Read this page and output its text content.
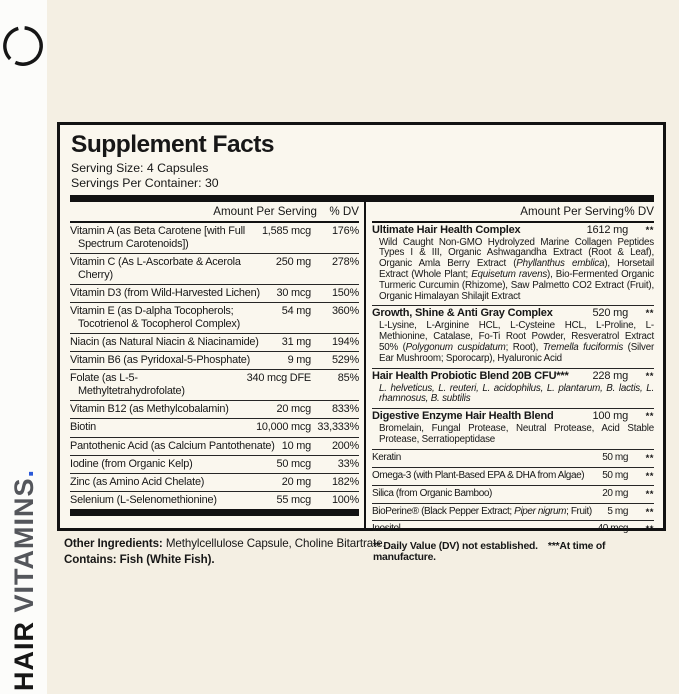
HAIR VITAMINS.
Supplement Facts
Serving Size: 4 Capsules
Servings Per Container: 30
Amount Per Serving	% DV
Vitamin A (as Beta Carotene [with Full Spectrum Carotenoids])
1,585 mcg	176%
Vitamin C (As L-Ascorbate & Acerola Cherry)
250 mg	278%
Vitamin D3 (from Wild-Harvested Lichen)	30 mcg	150%
Vitamin E (as D-alpha Tocopherols; Tocotrienol & Tocopherol Complex)
54 mg	360%
Niacin (as Natural Niacin & Niacinamide)	31 mg	194%
Vitamin B6 (as Pyridoxal-5-Phosphate)	9 mg	529%
Folate (as L-5-Methyltetrahydrofolate)
340 mcg DFE	85%
Vitamin B12 (as Methylcobalamin)	20 mcg	833%
Biotin	10,000 mcg 33,333%
Pantothenic Acid (as Calcium Pantothenate) 10 mg	200%
Iodine (from Organic Kelp)	50 mcg	33%
Zinc (as Amino Acid Chelate)	20 mg	182%
Selenium (L-Selenomethionine)	55 mcg	100%
Amount Per Serving % DV
Ultimate Hair Health Complex	1612 mg	**
Wild Caught Non-GMO Hydrolyzed Marine Collagen Peptides Types I & III, Organic Ashwagandha Extract (Root & Leaf), Organic Amla Berry Extract (Phyllanthus emblica), Horsetail Extract (Whole Plant; Equisetum ravens), Bio-Fermented Organic Turmeric Curcumin (Rhizome), Saw Palmetto CO2 Extract (Fruit), Organic Himalayan Shilajit Extract
Growth, Shine & Anti Gray Complex	520 mg	**
L-Lysine, L-Arginine HCL, L-Cysteine HCL, L-Proline, L-Methionine, Catalase, Fo-Ti Root Powder, Resveratrol Extract 50% (Polygonum cuspidatum; Root), Tremella fuciformis (Silver Ear Mushroom; Sporocarp), Hyaluronic Acid
Hair Health Probiotic Blend 20B CFU***	228 mg	**
L. helveticus, L. reuteri, L. acidophilus, L. plantarum, B. lactis, L. rhamnosus, B. subtilis
Digestive Enzyme Hair Health Blend	100 mg	**
Bromelain, Fungal Protease, Neutral Protease, Acid Stable Protease, Serratiopeptidase
Keratin	50 mg	**
Omega-3 (with Plant-Based EPA & DHA from Algae)	50 mg	**
Silica (from Organic Bamboo)	20 mg	**
BioPerine® (Black Pepper Extract; Piper nigrum; Fruit)	5 mg	**
Inositol	40 mcg	**
** Daily Value (DV) not established. ***At time of manufacture.
Other Ingredients: Methylcellulose Capsule, Choline Bitartrate.
Contains: Fish (White Fish).
